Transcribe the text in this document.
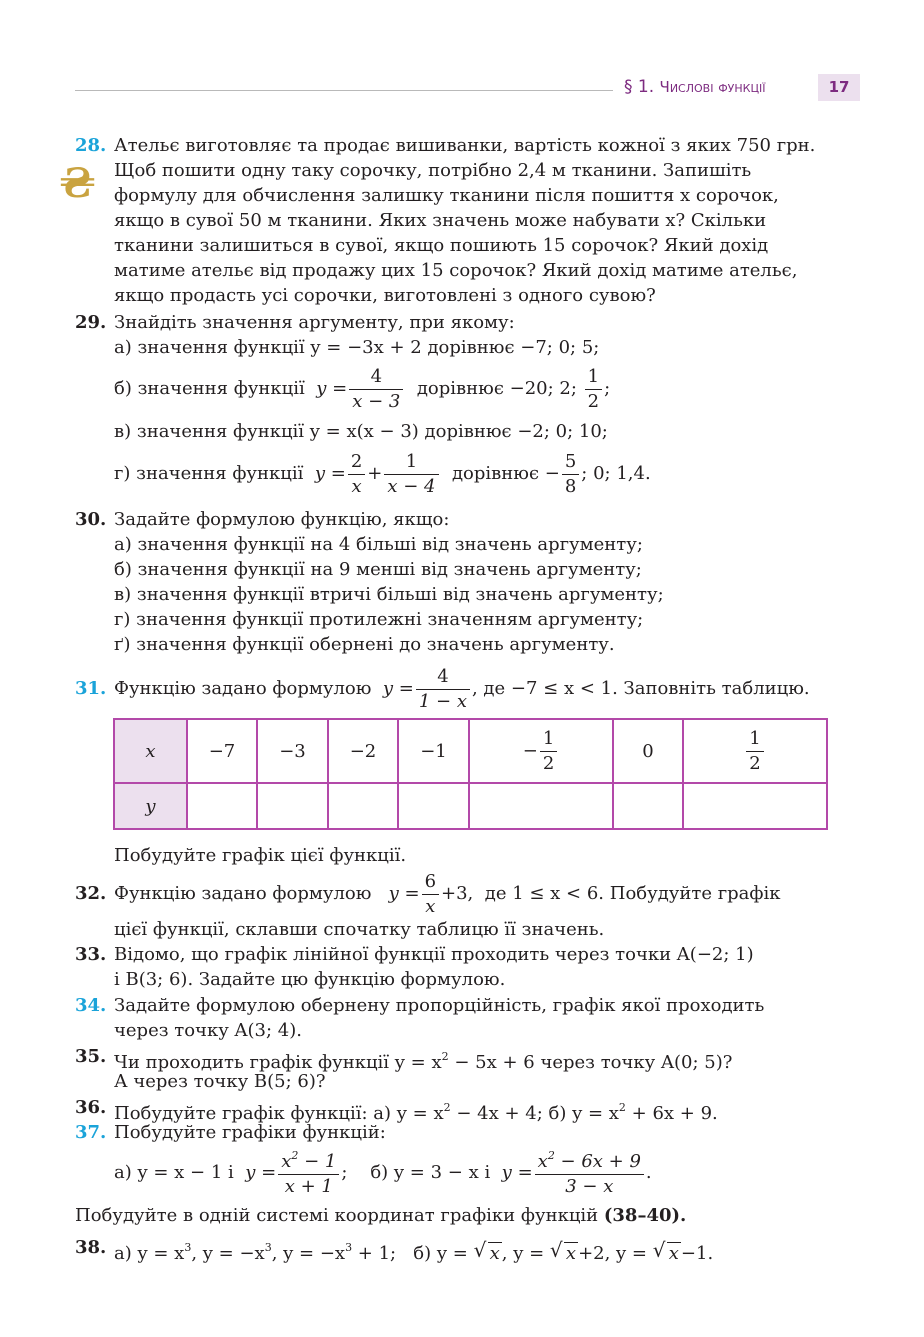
§ 1. Числові функції	17
₴
28. Ательє виготовляє та продає вишиванки, вартість кожної з яких 750 грн.
Щоб пошити одну таку сорочку, потрібно 2,4 м тканини. Запишіть
формулу для обчислення залишку тканини після пошиття x сорочок,
якщо в сувої 50 м тканини. Яких значень може набувати x? Скільки
тканини залишиться в сувої, якщо пошиють 15 сорочок? Який дохід
матиме ательє від продажу цих 15 сорочок? Який дохід матиме ательє,
якщо продасть усі сорочки, виготовлені з одного сувою?
29. Знайдіть значення аргументу, при якому:
а) значення функції y = −3x + 2 дорівнює −7; 0; 5;
б) значення функції $y = \frac{4}{x - 3}$ дорівнює −20; 2; $\frac{1}{2}$ ;
в) значення функції y = x(x − 3) дорівнює −2; 0; 10;
г) значення функції $y = \frac{2}{x} + \frac{1}{x - 4}$ дорівнює − $\frac{5}{8}$ ; 0; 1,4.
30. Задайте формулою функцію, якщо:
а) значення функції на 4 більші від значень аргументу;
б) значення функції на 9 менші від значень аргументу;
в) значення функції втричі більші від значень аргументу;
г) значення функції протилежні значенням аргументу;
ґ) значення функції обернені до значень аргументу.
31. Функцію задано формулою $y = \frac{4}{1 - x}$ , де −7 ≤ x < 1. Заповніть таблицю.
x	−7	−3	−2	−1	− $\frac{1}{2}$	0	$\frac{1}{2}$

y							
Побудуйте графік цієї функції.
32. Функцію задано формулою $y = \frac{6}{x} +3$, де 1 ≤ x < 6. Побудуйте графік
цієї функції, склавши спочатку таблицю її значень.
33. Відомо, що графік лінійної функції проходить через точки A(−2; 1)
і B(3; 6). Задайте цю функцію формулою.
34. Задайте формулою обернену пропорційність, графік якої проходить
через точку A(3; 4).
35. Чи проходить графік функції $y = x^2 - 5x + 6$ через точку A(0; 5)?
А через точку B(5; 6)?
36. Побудуйте графік функції: а) $y = x^2 - 4x + 4$; б) $y = x^2 + 6x + 9$.
37. Побудуйте графіки функцій:
а) y = x − 1 і $y = \frac{x^2 - 1}{x + 1}$ ; б) y = 3 − x і $y = \frac{x^2 - 6x + 9}{3 - x}$ .
Побудуйте в одній системі координат графіки функцій (38–40).
38. а) $y = x^3$, $y = -x^3$, $y = -x^3 + 1$; б) y = √ x , y = √ x +2, y = √ x −1.
